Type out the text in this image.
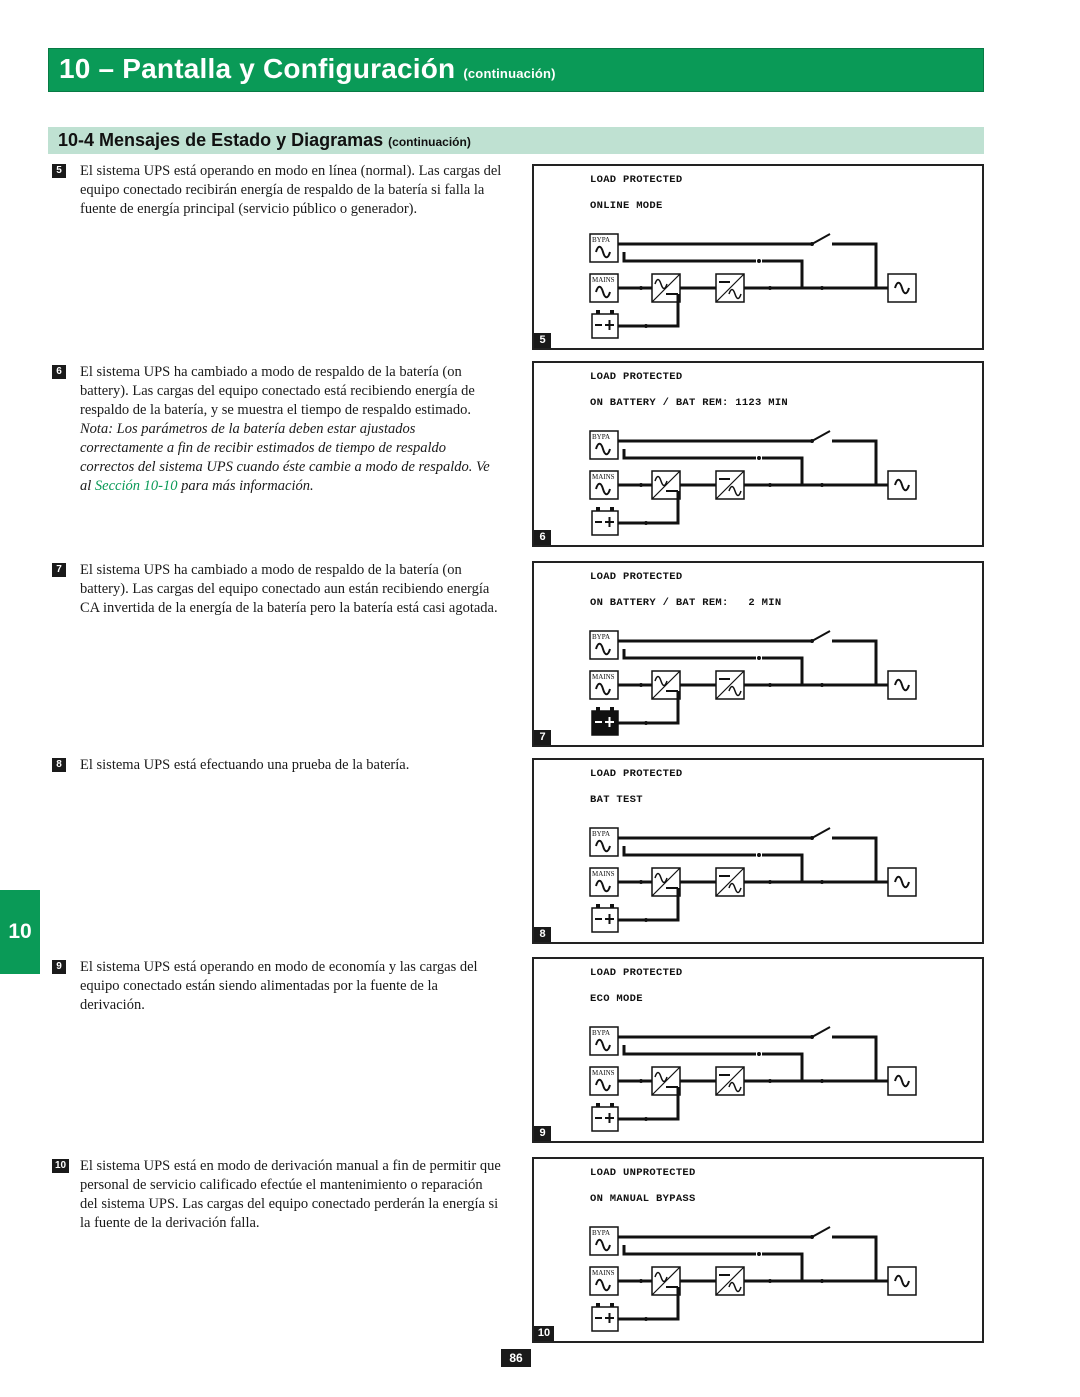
10 – Pantalla y Configuración (continuación)
10-4 Mensajes de Estado y Diagramas (continuación)
5 El sistema UPS está operando en modo en línea (normal). Las cargas del equipo conectado recibirán energía de respaldo de la batería si falla la fuente de energía principal (servicio público o generador).
6 El sistema UPS ha cambiado a modo de respaldo de la batería (on battery). Las cargas del equipo conectado está recibiendo energía de respaldo de la batería, y se muestra el tiempo de respaldo estimado. Nota: Los parámetros de la batería deben estar ajustados correctamente a fin de recibir estimados de tiempo de respaldo correctos del sistema UPS cuando éste cambie a modo de respaldo. Ve al Sección 10-10 para más información.
7 El sistema UPS ha cambiado a modo de respaldo de la batería (on battery). Las cargas del equipo conectado aun están recibiendo energía CA invertida de la energía de la batería pero la batería está casi agotada.
8 El sistema UPS está efectuando una prueba de la batería.
9 El sistema UPS está operando en modo de economía y las cargas del equipo conectado están siendo alimentadas por la fuente de la derivación.
10 El sistema UPS está en modo de derivación manual a fin de permitir que personal de servicio calificado efectúe el mantenimiento o reparación del sistema UPS. Las cargas del equipo conectado perderán la energía si la fuente de la derivación falla.
LOAD PROTECTED
ONLINE MODE
BYPA
MAINS
5
LOAD PROTECTED
ON BATTERY / BAT REM: 1123 MIN
BYPA
MAINS
6
LOAD PROTECTED
ON BATTERY / BAT REM:   2 MIN
BYPA
MAINS
7
LOAD PROTECTED
BAT TEST
BYPA
MAINS
8
LOAD PROTECTED
ECO MODE
BYPA
MAINS
9
LOAD UNPROTECTED
ON MANUAL BYPASS
BYPA
MAINS
10
10
86
